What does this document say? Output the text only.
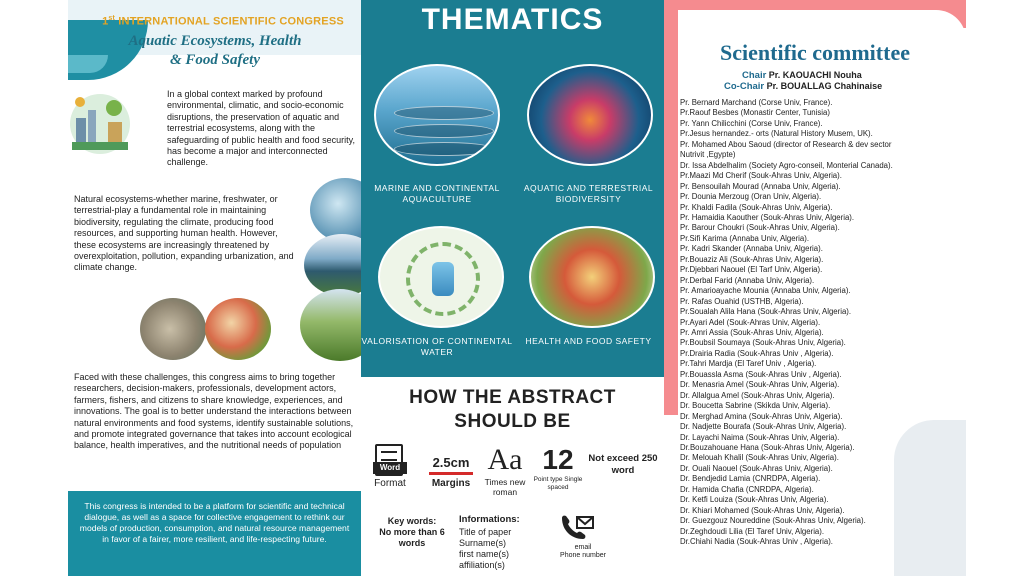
1st INTERNATIONAL SCIENTIFIC CONGRESS
Aquatic Ecosystems, Health
& Food Safety

In a global context marked by profound environmental, climatic, and socio-economic disruptions, the preservation of aquatic and terrestrial ecosystems, along with the safeguarding of public health and food security, has become a major and interconnected challenge.

Natural ecosystems-whether marine, freshwater, or terrestrial-play a fundamental role in maintaining biodiversity, regulating the climate, producing food resources, and supporting human health. However, these ecosystems are increasingly threatened by overexploitation, pollution, expanding urbanization, and climate change.

Faced with these challenges, this congress aims to bring together researchers, decision-makers, professionals, development actors, farmers, fishers, and citizens to share knowledge, experiences, and innovations. The goal is to better understand the interactions between natural environments and food systems, identify sustainable solutions, and promote integrated governance that takes into account ecological balance, health imperatives, and the nutritional needs of population

This congress is intended to be a platform for scientific and technical dialogue, as well as a space for collective engagement to rethink our models of production, consumption, and natural resource management in favor of a fairer, more resilient, and life-respecting future.

THEMATICS
MARINE AND CONTINENTAL AQUACULTURE
AQUATIC AND TERRESTRIAL BIODIVERSITY
VALORISATION OF CONTINENTAL WATER
HEALTH AND FOOD SAFETY
HOW THE ABSTRACT
SHOULD BE
Word
Format
2.5cm
Margins
Aa
Times new roman
12
Point type Single spaced
Not exceed 250 word
Key words:
No more than 6 words
Informations:
Title of paper
Surname(s)
first name(s)
affiliation(s)
email
Phone number
Scientific committee
Chair Pr. KAOUACHI Nouha
Co-Chair Pr. BOUALLAG Chahinaise
Pr. Bernard Marchand (Corse Univ, France).
Pr.Raouf Besbes (Monastir Center, Tunisia)
Pr. Yann Chilicchini (Corse Univ, France).
Pr.Jesus hernandez.- orts (Natural History Musem, UK).
Pr. Mohamed Abou Saoud (director of Research & dev sector
Nutrivit ,Egypte)
Dr. Issa Abdelhalim (Society Agro-conseil, Monterial Canada).
Pr.Maazi Md Cherif (Souk-Ahras Univ, Algeria).
Pr. Bensouilah Mourad (Annaba Univ, Algeria).
Pr. Dounia Merzoug (Oran Univ, Algeria).
Pr. Khaldi Fadila (Souk-Ahras Univ, Algeria).
Pr. Hamaidia Kaouther (Souk-Ahras Univ, Algeria).
Pr. Barour Choukri (Souk-Ahras Univ, Algeria).
Pr.Sifi Karima (Annaba Univ, Algeria).
Pr. Kadri Skander (Annaba Univ, Algeria).
Pr.Bouaziz Ali (Souk-Ahras Univ, Algeria).
Pr.Djebbari Naouel (El Tarf Univ, Algeria).
Pr.Derbal Farid (Annaba Univ, Algeria).
Pr. Amarioayache Mounia (Annaba Univ, Algeria).
Pr. Rafas Ouahid (USTHB, Algeria).
Pr.Soualah Alila Hana (Souk-Ahras Univ, Algeria).
Pr.Ayari Adel (Souk-Ahras Univ, Algeria).
Pr. Amri Assia (Souk-Ahras Univ, Algeria).
Pr.Boubsil Soumaya (Souk-Ahras Univ, Algeria).
Pr.Drairia Radia (Souk-Ahras Univ , Algeria).
Pr.Tahri Mardja (El Taref Univ , Algeria).
Pr.Bouassla Asma (Souk-Ahras Univ , Algeria).
Dr. Menasria Amel (Souk-Ahras Univ, Algeria).
Dr. Allalgua Amel (Souk-Ahras Univ, Algeria).
Dr. Boucetta Sabrine (Skikda Univ, Algeria).
Dr. Merghad Amina (Souk-Ahras Univ, Algeria).
Dr. Nadjette Bourafa (Souk-Ahras Univ, Algeria).
Dr. Layachi Naima (Souk-Ahras Univ, Algeria).
Dr.Bouzahouane Hana (Souk-Ahras Univ, Algeria).
Dr. Melouah Khalil (Souk-Ahras Univ, Algeria).
Dr. Ouali Naouel (Souk-Ahras Univ, Algeria).
Dr. Bendjedid Lamia (CNRDPA, Algeria).
Dr. Hamida Chafia (CNRDPA, Algeria).
Dr. Ketfi Louiza (Souk-Ahras Univ, Algeria).
Dr. Khiari Mohamed (Souk-Ahras Univ, Algeria).
Dr. Guezgouz Noureddine (Souk-Ahras Univ, Algeria).
Dr.Zeghdoudi Lilia (El Taref Univ, Algeria).
Dr.Chiahi Nadia (Souk-Ahras Univ , Algeria).
